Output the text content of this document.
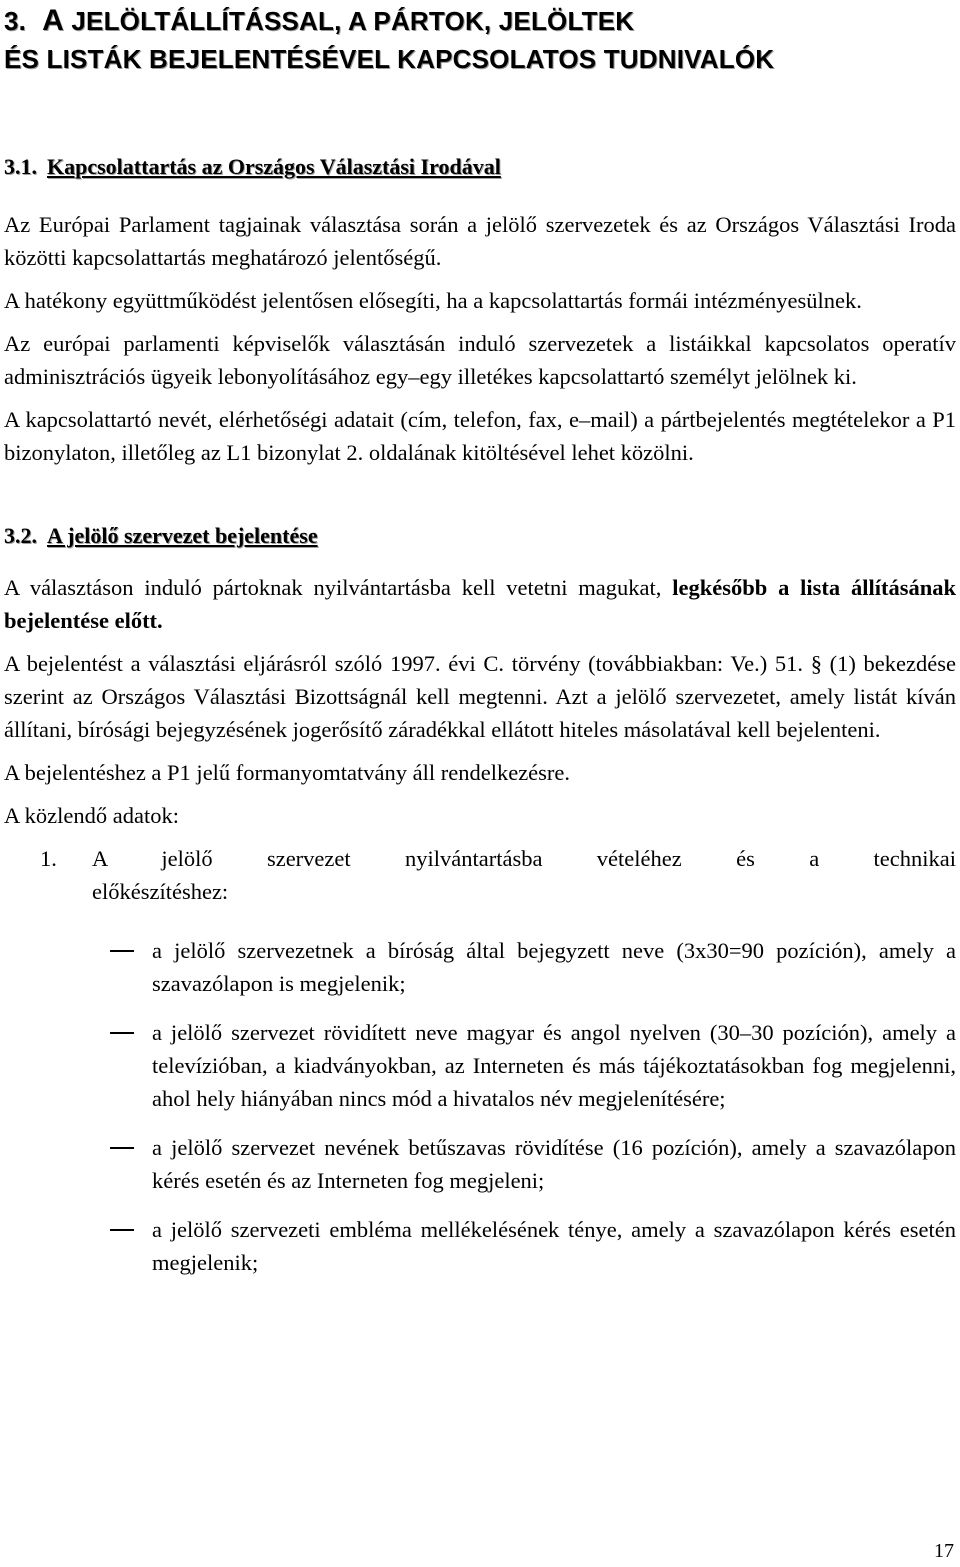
3. A JELÖLTÁLLÍTÁSSAL, A PÁRTOK, JELÖLTEK
ÉS LISTÁK BEJELENTÉSÉVEL KAPCSOLATOS TUDNIVALÓK
3.1. Kapcsolattartás az Országos Választási Irodával

Az Európai Parlament tagjainak választása során a jelölő szervezetek és az Országos Választási Iroda közötti kapcsolattartás meghatározó jelentőségű.

A hatékony együttműködést jelentősen elősegíti, ha a kapcsolattartás formái intézményesülnek.

Az európai parlamenti képviselők választásán induló szervezetek a listáikkal kapcsolatos operatív adminisztrációs ügyeik lebonyolításához egy–egy illetékes kapcsolattartó személyt jelölnek ki.

A kapcsolattartó nevét, elérhetőségi adatait (cím, telefon, fax, e–mail) a pártbejelentés megtételekor a P1 bizonylaton, illetőleg az L1 bizonylat 2. oldalának kitöltésével lehet közölni.

3.2. A jelölő szervezet bejelentése

A választáson induló pártoknak nyilvántartásba kell vetetni magukat, legkésőbb a lista állításának bejelentése előtt.

A bejelentést a választási eljárásról szóló 1997. évi C. törvény (továbbiakban: Ve.) 51. § (1) bekezdése szerint az Országos Választási Bizottságnál kell megtenni. Azt a jelölő szervezetet, amely listát kíván állítani, bírósági bejegyzésének jogerősítő záradékkal ellátott hiteles másolatával kell bejelenteni.

A bejelentéshez a P1 jelű formanyomtatvány áll rendelkezésre.

A közlendő adatok:

1.	A jelölő szervezet nyilvántartásba vételéhez és a technikai
előkészítéshez:
a jelölő szervezetnek a bíróság által bejegyzett neve (3x30=90 pozíción), amely a szavazólapon is megjelenik;
a jelölő szervezet rövidített neve magyar és angol nyelven (30–30 pozíción), amely a televízióban, a kiadványokban, az Interneten és más tájékoztatásokban fog megjelenni, ahol hely hiányában nincs mód a hivatalos név megjelenítésére;
a jelölő szervezet nevének betűszavas rövidítése (16 pozíción), amely a szavazólapon kérés esetén és az Interneten fog megjeleni;
a jelölő szervezeti embléma mellékelésének ténye, amely a szavazólapon kérés esetén megjelenik;
17
